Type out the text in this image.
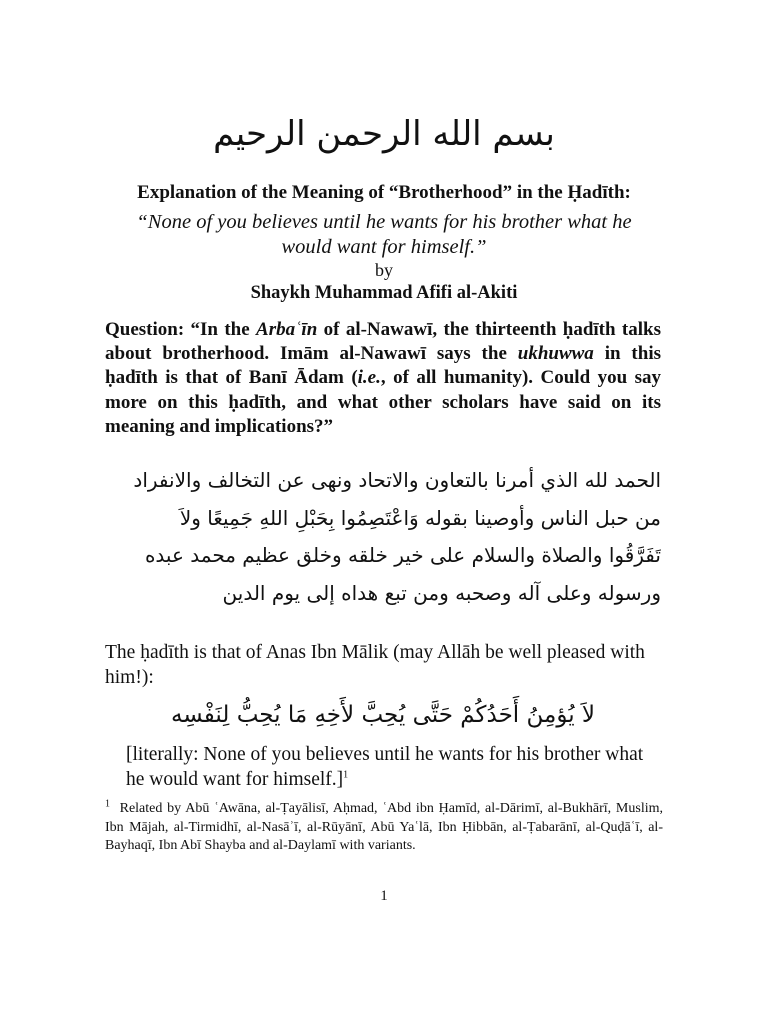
بسم الله الرحمن الرحيم
Explanation of the Meaning of “Brotherhood” in the Ḥadīth:
“None of you believes until he wants for his brother what he would want for himself.”
by
Shaykh Muhammad Afifi al-Akiti

Question: “In the Arbaʿīn of al-Nawawī, the thirteenth ḥadīth talks about brotherhood. Imām al-Nawawī says the ukhuwwa in this ḥadīth is that of Banī Ādam (i.e., of all humanity). Could you say more on this ḥadīth, and what other scholars have said on its meaning and implications?”

الحمد لله الذي أمرنا بالتعاون والاتحاد ونهى عن التخالف والانفراد
من حبل الناس وأوصينا بقوله وَاعْتَصِمُوا بِحَبْلِ اللهِ جَمِيعًا ولاَ
تَفَرَّقُوا والصلاة والسلام على خير خلقه وخلق عظيم محمد عبده
ورسوله وعلى آله وصحبه ومن تبع هداه إلى يوم الدين

The ḥadīth is that of Anas Ibn Mālik (may Allāh be well pleased with him!):

لاَ يُؤمِنُ أَحَدُكُمْ حَتَّى يُحِبَّ لأَخِهِ مَا يُحِبُّ لِنَفْسِه

[literally: None of you believes until he wants for his brother what he would want for himself.]$^1$

$^1$ Related by Abū ʿAwāna, al-Ṭayālisī, Aḥmad, ʿAbd ibn Ḥamīd, al-Dārimī, al-Bukhārī, Muslim, Ibn Mājah, al-Tirmidhī, al-Nasāʾī, al-Rūyānī, Abū Yaʿlā, Ibn Ḥibbān, al-Ṭabarānī, al-Quḍāʿī, al-Bayhaqī, Ibn Abī Shayba and al-Daylamī with variants.

1
